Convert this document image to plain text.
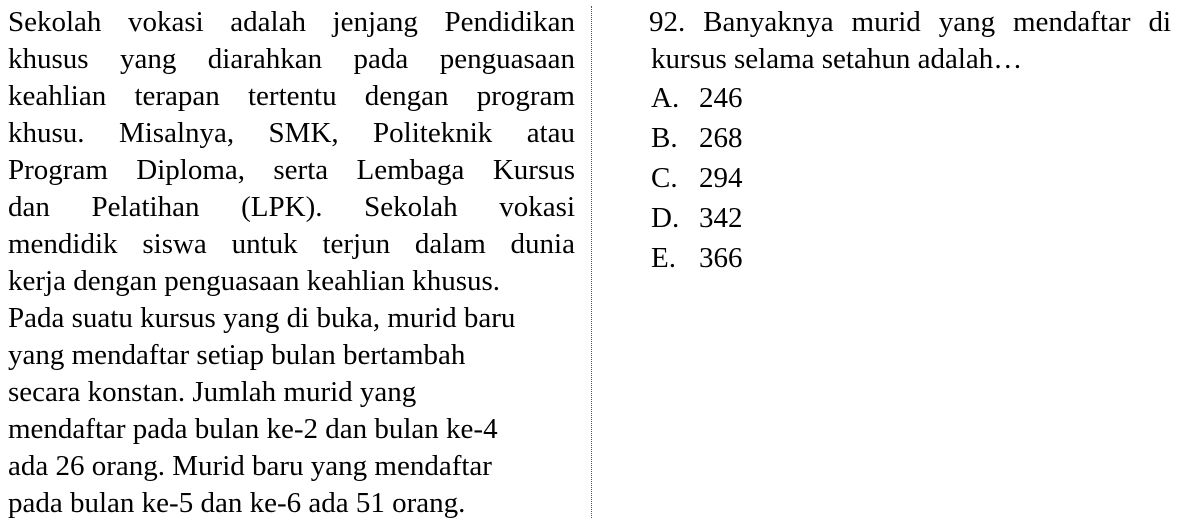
Sekolah vokasi adalah jenjang Pendidikan

khusus yang diarahkan pada penguasaan

keahlian terapan tertentu dengan program

khusu. Misalnya, SMK, Politeknik atau

Program Diploma, serta Lembaga Kursus

dan Pelatihan (LPK). Sekolah vokasi

mendidik siswa untuk terjun dalam dunia

kerja dengan penguasaan keahlian khusus.

Pada suatu kursus yang di buka, murid baru

yang mendaftar setiap bulan bertambah

secara konstan. Jumlah murid yang

mendaftar pada bulan ke-2 dan bulan ke-4

ada 26 orang. Murid baru yang mendaftar

pada bulan ke-5 dan ke-6 ada 51 orang.

92. Banyaknya murid yang mendaftar di

kursus selama setahun adalah…

A. 246
B. 268
C. 294
D. 342
E. 366
